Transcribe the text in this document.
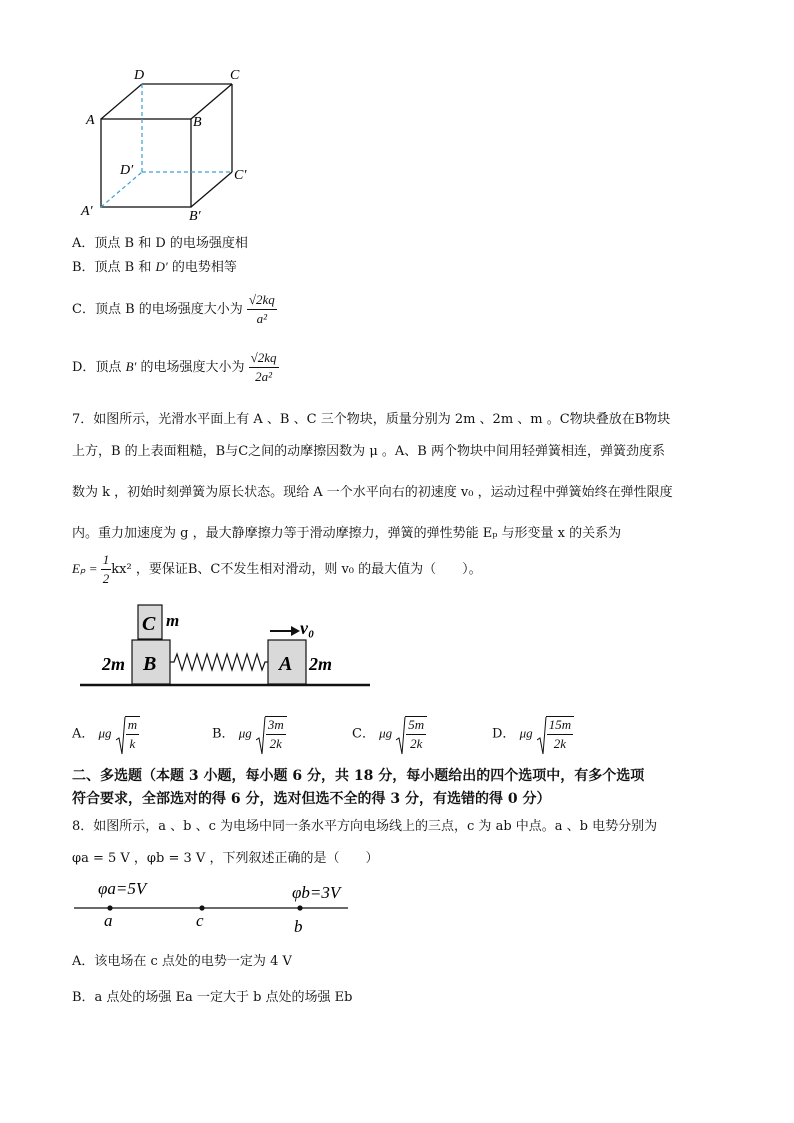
D	C
A	B
D′	C′
A′	B′
A．顶点 B 和 D 的电场强度相
B．顶点 B 和 D′ 的电势相等
C．顶点 B 的电场强度大小为 $\frac{√2kq}{\text{a²}}$
D．顶点 B′ 的电场强度大小为 $\frac{√2kq}{\text{2a²}}$
7．如图所示，光滑水平面上有 A 、B 、C 三个物块，质量分别为 2m 、2m 、m 。C物块叠放在B物块
上方，B 的上表面粗糙，B与C之间的动摩擦因数为 μ 。A、B 两个物块中间用轻弹簧相连，弹簧劲度系
数为 k ，初始时刻弹簧为原长状态。现给 A 一个水平向右的初速度 v₀ ，运动过程中弹簧始终在弹性限度
内。重力加速度为 g ，最大静摩擦力等于滑动摩擦力，弹簧的弹性势能 Eₚ 与形变量 x 的关系为
$E_p = \frac{1}{2} kx^2$ ，要保证B、C不发生相对滑动，则 v₀ 的最大值为（　　）。
C m
B
2m	A 2m
v₀
A． μg $\frac{m}{k}$	B． μg $\frac{3m}{2k}$	C． μg $\frac{5m}{2k}$	D． μg $\frac{15m}{2k}$
二、多选题（本题 3 小题，每小题 6 分，共 18 分，每小题给出的四个选项中，有多个选项
符合要求，全部选对的得 6 分，选对但选不全的得 3 分，有选错的得 0 分）
8．如图所示，a 、b 、c 为电场中同一条水平方向电场线上的三点，c 为 ab 中点。a 、b 电势分别为
φa = 5 V ，φb = 3 V ，下列叙述正确的是（　　）
φa=5V	φb=3V
a	c	b
A．该电场在 c 点处的电势一定为 4 V
B．a 点处的场强 Ea 一定大于 b 点处的场强 Eb
